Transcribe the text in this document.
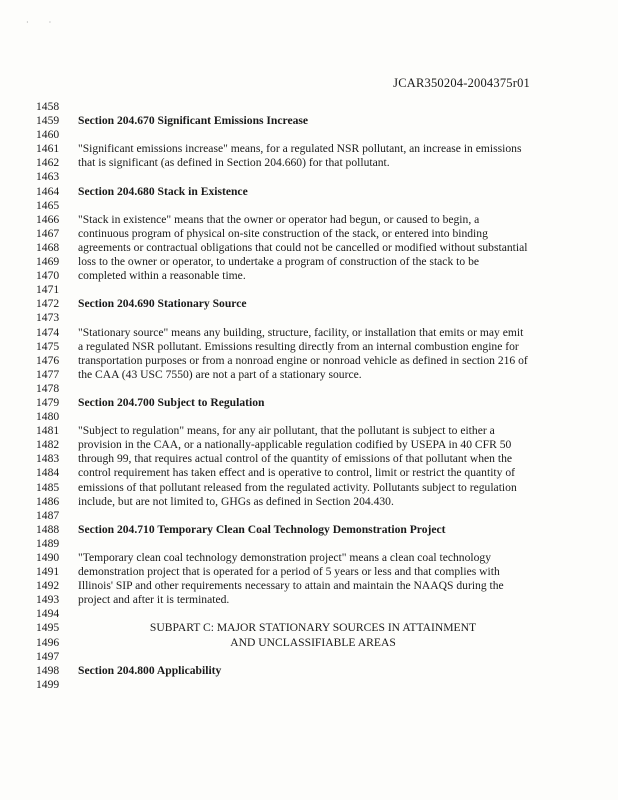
·          ·
JCAR350204-2004375r01
1458
1459	Section 204.670 Significant Emissions Increase
1460
1461	"Significant emissions increase" means, for a regulated NSR pollutant, an increase in emissions
1462	that is significant (as defined in Section 204.660) for that pollutant.
1463
1464	Section 204.680 Stack in Existence
1465
1466	"Stack in existence" means that the owner or operator had begun, or caused to begin, a
1467	continuous program of physical on-site construction of the stack, or entered into binding
1468	agreements or contractual obligations that could not be cancelled or modified without substantial
1469	loss to the owner or operator, to undertake a program of construction of the stack to be
1470	completed within a reasonable time.
1471
1472	Section 204.690 Stationary Source
1473
1474	"Stationary source" means any building, structure, facility, or installation that emits or may emit
1475	a regulated NSR pollutant. Emissions resulting directly from an internal combustion engine for
1476	transportation purposes or from a nonroad engine or nonroad vehicle as defined in section 216 of
1477	the CAA (43 USC 7550) are not a part of a stationary source.
1478
1479	Section 204.700 Subject to Regulation
1480
1481	"Subject to regulation" means, for any air pollutant, that the pollutant is subject to either a
1482	provision in the CAA, or a nationally-applicable regulation codified by USEPA in 40 CFR 50
1483	through 99, that requires actual control of the quantity of emissions of that pollutant when the
1484	control requirement has taken effect and is operative to control, limit or restrict the quantity of
1485	emissions of that pollutant released from the regulated activity. Pollutants subject to regulation
1486	include, but are not limited to, GHGs as defined in Section 204.430.
1487
1488	Section 204.710 Temporary Clean Coal Technology Demonstration Project
1489
1490	"Temporary clean coal technology demonstration project" means a clean coal technology
1491	demonstration project that is operated for a period of 5 years or less and that complies with
1492	Illinois' SIP and other requirements necessary to attain and maintain the NAAQS during the
1493	project and after it is terminated.
1494
1495	SUBPART C: MAJOR STATIONARY SOURCES IN ATTAINMENT
1496	AND UNCLASSIFIABLE AREAS
1497
1498	Section 204.800 Applicability
1499
